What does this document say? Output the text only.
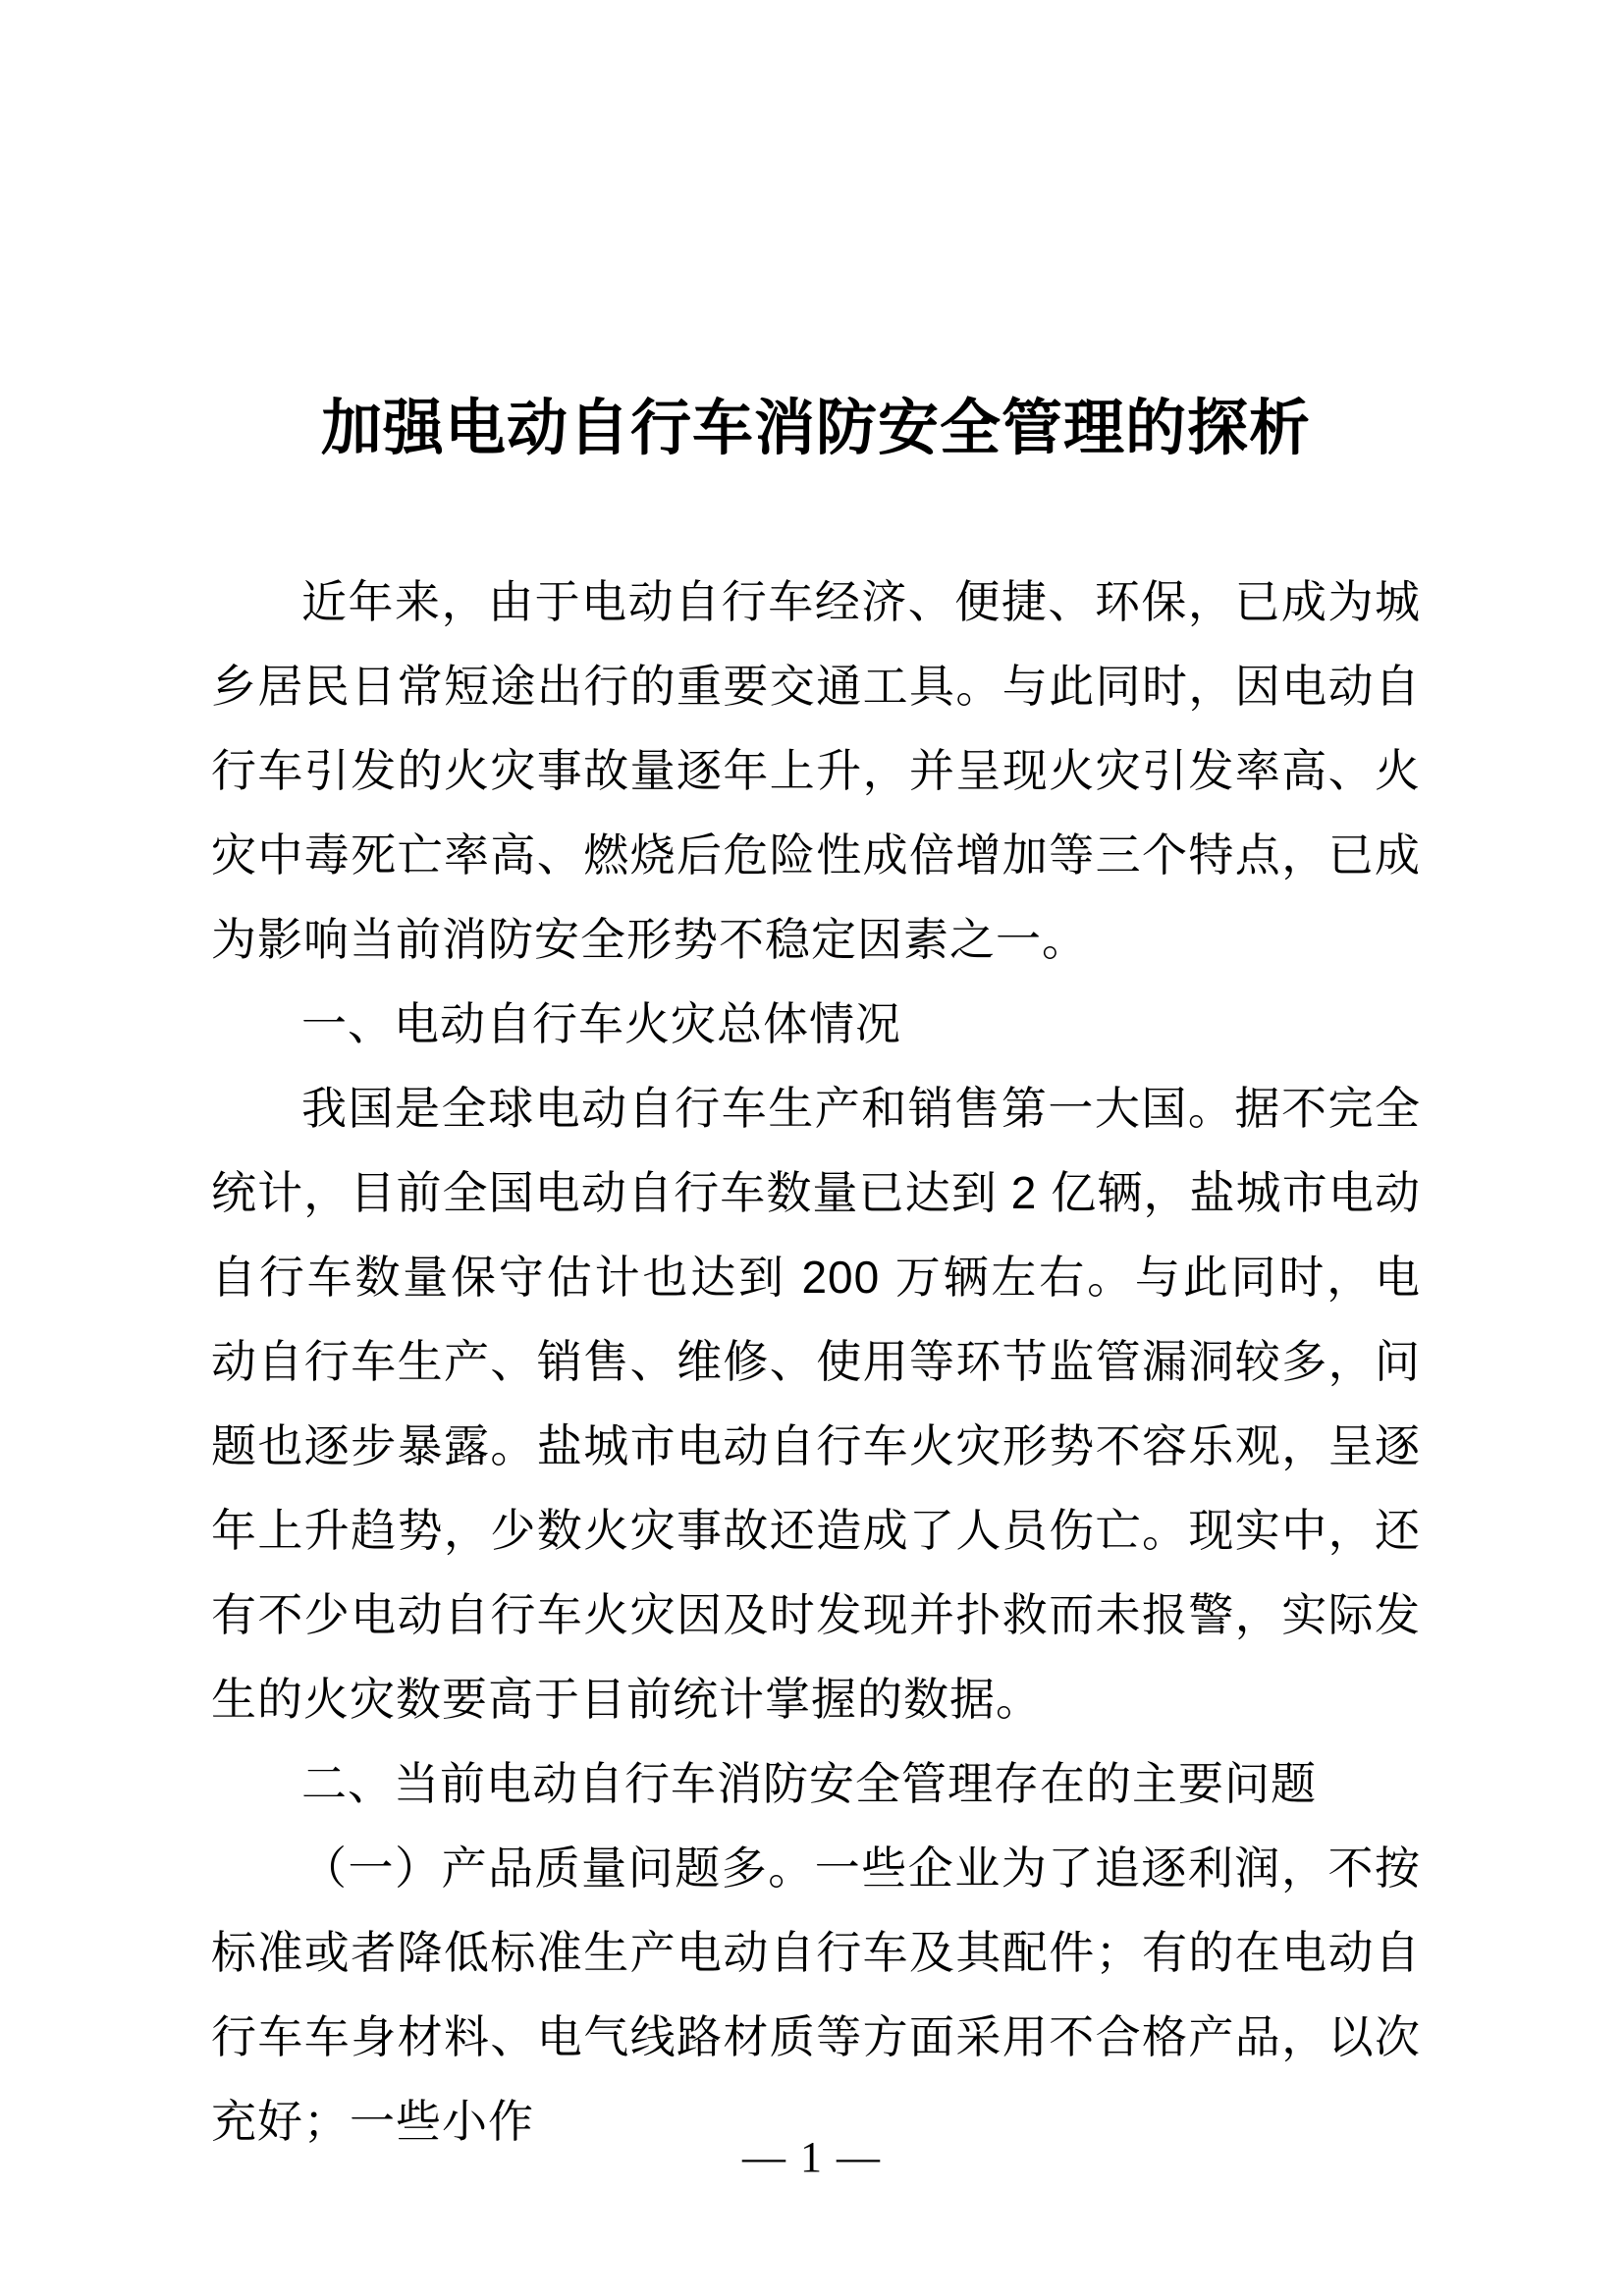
加强电动自行车消防安全管理的探析

近年来，由于电动自行车经济、便捷、环保，已成为城乡居民日常短途出行的重要交通工具。与此同时，因电动自行车引发的火灾事故量逐年上升，并呈现火灾引发率高、火灾中毒死亡率高、燃烧后危险性成倍增加等三个特点，已成为影响当前消防安全形势不稳定因素之一。

一、电动自行车火灾总体情况

我国是全球电动自行车生产和销售第一大国。据不完全统计，目前全国电动自行车数量已达到 2 亿辆，盐城市电动自行车数量保守估计也达到 200 万辆左右。与此同时，电动自行车生产、销售、维修、使用等环节监管漏洞较多，问题也逐步暴露。盐城市电动自行车火灾形势不容乐观，呈逐年上升趋势，少数火灾事故还造成了人员伤亡。现实中，还有不少电动自行车火灾因及时发现并扑救而未报警，实际发生的火灾数要高于目前统计掌握的数据。

二、当前电动自行车消防安全管理存在的主要问题

（一）产品质量问题多。一些企业为了追逐利润，不按标准或者降低标准生产电动自行车及其配件；有的在电动自行车车身材料、电气线路材质等方面采用不合格产品，以次充好；一些小作

— 1 —
